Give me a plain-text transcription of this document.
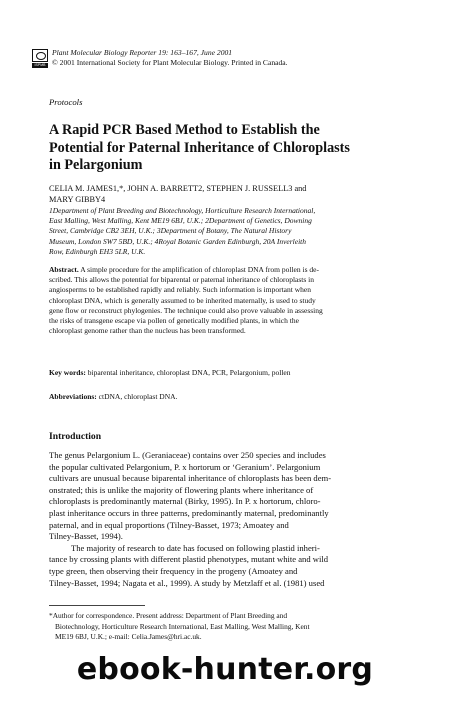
ISPMB
Plant Molecular Biology Reporter 19: 163–167, June 2001
© 2001 International Society for Plant Molecular Biology. Printed in Canada.
Protocols
A Rapid PCR Based Method to Establish the
Potential for Paternal Inheritance of Chloroplasts
in Pelargonium
CELIA M. JAMES1,*, JOHN A. BARRETT2, STEPHEN J. RUSSELL3 and
MARY GIBBY4
1Department of Plant Breeding and Biotechnology, Horticulture Research International,
East Malling, West Malling, Kent ME19 6BJ, U.K.; 2Department of Genetics, Downing
Street, Cambridge CB2 3EH, U.K.; 3Department of Botany, The Natural History
Museum, London SW7 5BD, U.K.; 4Royal Botanic Garden Edinburgh, 20A Inverleith
Row, Edinburgh EH3 5LR, U.K.
Abstract. A simple procedure for the amplification of chloroplast DNA from pollen is de-
scribed. This allows the potential for biparental or paternal inheritance of chloroplasts in
angiosperms to be established rapidly and reliably. Such information is important when
chloroplast DNA, which is generally assumed to be inherited maternally, is used to study
gene flow or reconstruct phylogenies. The technique could also prove valuable in assessing
the risks of transgene escape via pollen of genetically modified plants, in which the
chloroplast genome rather than the nucleus has been transformed.
Key words: biparental inheritance, chloroplast DNA, PCR, Pelargonium, pollen
Abbreviations: ctDNA, chloroplast DNA.
Introduction
The genus Pelargonium L. (Geraniaceae) contains over 250 species and includes
the popular cultivated Pelargonium, P. x hortorum or ‘Geranium’. Pelargonium
cultivars are unusual because biparental inheritance of chloroplasts has been dem-
onstrated; this is unlike the majority of flowering plants where inheritance of
chloroplasts is predominantly maternal (Birky, 1995). In P. x hortorum, chloro-
plast inheritance occurs in three patterns, predominantly maternal, predominantly
paternal, and in equal proportions (Tilney-Basset, 1973; Amoatey and
Tilney-Basset, 1994).
The majority of research to date has focused on following plastid inheri-
tance by crossing plants with different plastid phenotypes, mutant white and wild
type green, then observing their frequency in the progeny (Amoatey and
Tilney-Basset, 1994; Nagata et al., 1999). A study by Metzlaff et al. (1981) used
*Author for correspondence. Present address: Department of Plant Breeding and
Biotechnology, Horticulture Research International, East Malling, West Malling, Kent
ME19 6BJ, U.K.; e-mail: Celia.James@hri.ac.uk.
ebook-hunter.org
